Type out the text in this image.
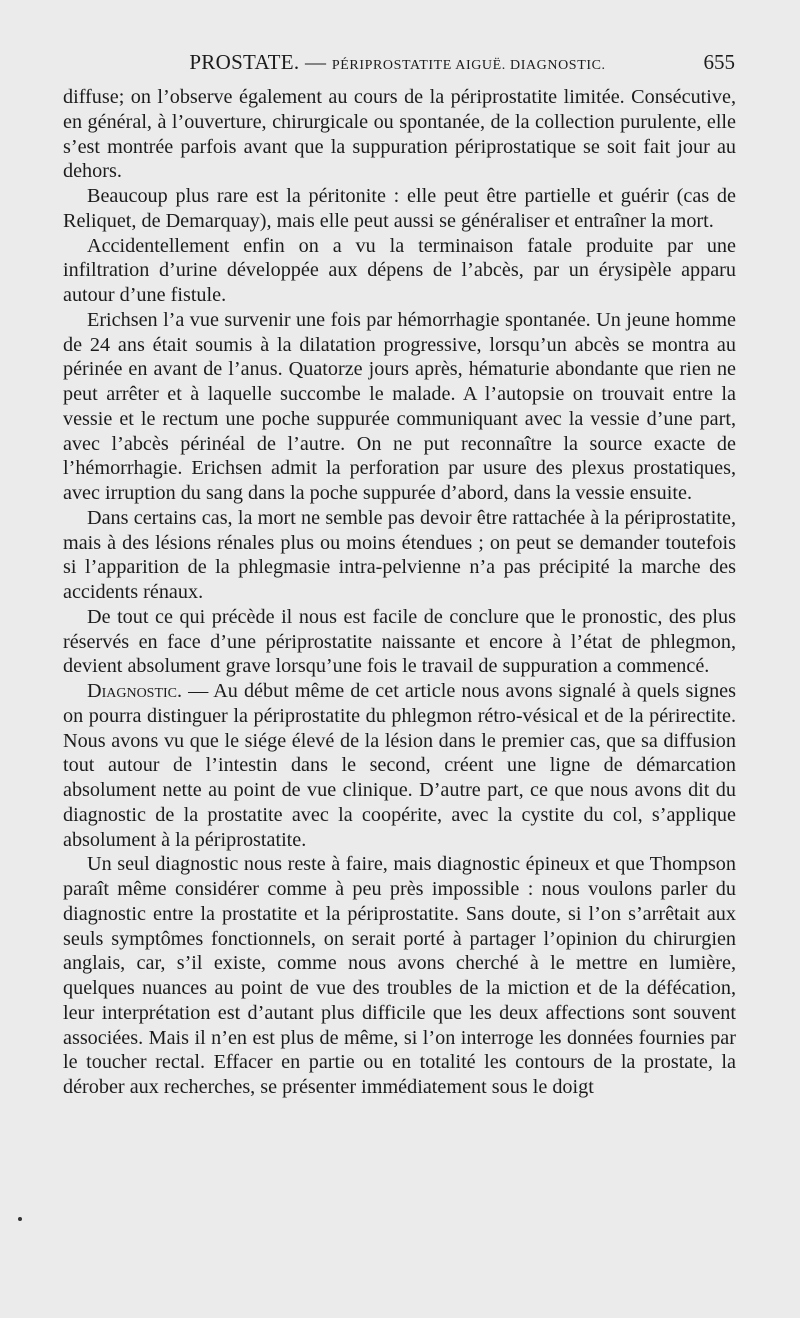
PROSTATE. — PÉRIPROSTATITE AIGUË. DIAGNOSTIC.	655

diffuse; on l’observe également au cours de la périprostatite limitée. Consécutive, en général, à l’ouverture, chirurgicale ou spontanée, de la collection purulente, elle s’est montrée parfois avant que la suppuration périprostatique se soit fait jour au dehors.

Beaucoup plus rare est la péritonite : elle peut être partielle et guérir (cas de Reliquet, de Demarquay), mais elle peut aussi se généraliser et entraîner la mort.

Accidentellement enfin on a vu la terminaison fatale produite par une infiltration d’urine développée aux dépens de l’abcès, par un érysipèle apparu autour d’une fistule.

Erichsen l’a vue survenir une fois par hémorrhagie spontanée. Un jeune homme de 24 ans était soumis à la dilatation progressive, lorsqu’un abcès se montra au périnée en avant de l’anus. Quatorze jours après, hématurie abondante que rien ne peut arrêter et à laquelle succombe le malade. A l’autopsie on trouvait entre la vessie et le rectum une poche suppurée communiquant avec la vessie d’une part, avec l’abcès périnéal de l’autre. On ne put reconnaître la source exacte de l’hémorrhagie. Erichsen admit la perforation par usure des plexus prostatiques, avec irruption du sang dans la poche suppurée d’abord, dans la vessie ensuite.

Dans certains cas, la mort ne semble pas devoir être rattachée à la périprostatite, mais à des lésions rénales plus ou moins étendues ; on peut se demander toutefois si l’apparition de la phlegmasie intra-pelvienne n’a pas précipité la marche des accidents rénaux.

De tout ce qui précède il nous est facile de conclure que le pronostic, des plus réservés en face d’une périprostatite naissante et encore à l’état de phlegmon, devient absolument grave lorsqu’une fois le travail de suppuration a commencé.

Diagnostic. — Au début même de cet article nous avons signalé à quels signes on pourra distinguer la périprostatite du phlegmon rétro-vésical et de la périrectite. Nous avons vu que le siége élevé de la lésion dans le premier cas, que sa diffusion tout autour de l’intestin dans le second, créent une ligne de démarcation absolument nette au point de vue clinique. D’autre part, ce que nous avons dit du diagnostic de la prostatite avec la coopérite, avec la cystite du col, s’applique absolument à la périprostatite.

Un seul diagnostic nous reste à faire, mais diagnostic épineux et que Thompson paraît même considérer comme à peu près impossible : nous voulons parler du diagnostic entre la prostatite et la périprostatite. Sans doute, si l’on s’arrêtait aux seuls symptômes fonctionnels, on serait porté à partager l’opinion du chirurgien anglais, car, s’il existe, comme nous avons cherché à le mettre en lumière, quelques nuances au point de vue des troubles de la miction et de la défécation, leur interprétation est d’autant plus difficile que les deux affections sont souvent associées. Mais il n’en est plus de même, si l’on interroge les données fournies par le toucher rectal. Effacer en partie ou en totalité les contours de la prostate, la dérober aux recherches, se présenter immédiatement sous le doigt
